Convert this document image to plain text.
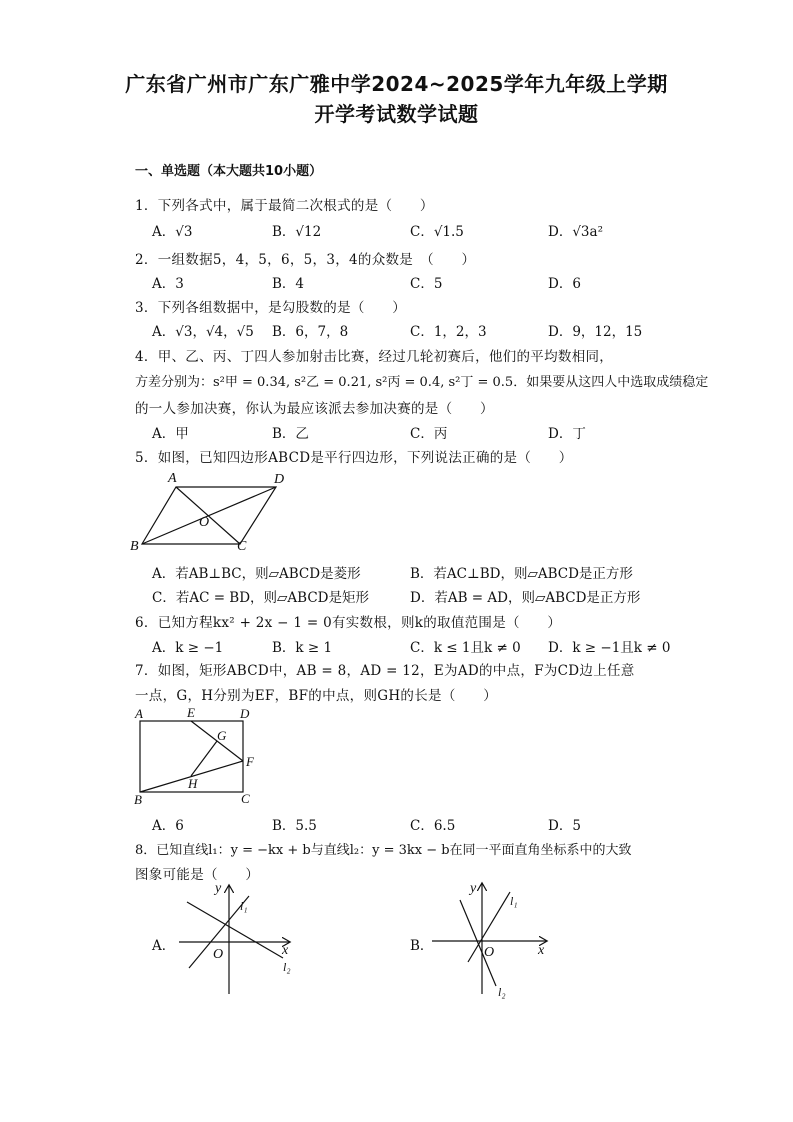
广东省广州市广东广雅中学2024~2025学年九年级上学期
开学考试数学试题
一、单选题（本大题共10小题）
1．下列各式中，属于最简二次根式的是（　　）
A．√3	B．√12	C．√1.5	D．√3a²
2．一组数据5，4，5，6，5，3，4的众数是　（　　）
A．3	B．4	C．5	D．6
3．下列各组数据中，是勾股数的是（　　）
A．√3，√4，√5 B．6，7，8	C．1，2，3	D．9，12，15
4．甲、乙、丙、丁四人参加射击比赛，经过几轮初赛后，他们的平均数相同，
方差分别为：s²甲 = 0.34, s²乙 = 0.21, s²丙 = 0.4, s²丁 = 0.5．如果要从这四人中选取成绩稳定
的一人参加决赛，你认为最应该派去参加决赛的是（　　）
A．甲	B．乙	C．丙	D．丁
5．如图，已知四边形ABCD是平行四边形，下列说法正确的是（　　）
A	D
O
B	C
A．若AB⊥BC，则▱ABCD是菱形	B．若AC⊥BD，则▱ABCD是正方形
C．若AC = BD，则▱ABCD是矩形	D．若AB = AD，则▱ABCD是正方形
6．已知方程kx² + 2x − 1 = 0有实数根，则k的取值范围是（　　）
A．k ≥ −1	B．k ≥ 1	C．k ≤ 1且k ≠ 0 D．k ≥ −1且k ≠ 0
7．如图，矩形ABCD中，AB = 8，AD = 12，E为AD的中点，F为CD边上任意
一点，G，H分别为EF，BF的中点，则GH的长是（　　）
A	E	D
G
F
H
B	C
A．6	B．5.5	C．6.5	D．5
8．已知直线l₁：y = −kx + b与直线l₂：y = 3kx − b在同一平面直角坐标系中的大致
图象可能是（　　）
A．
y
x
O
l₁
l₂
B．
y
x
O
l₁
l₂
